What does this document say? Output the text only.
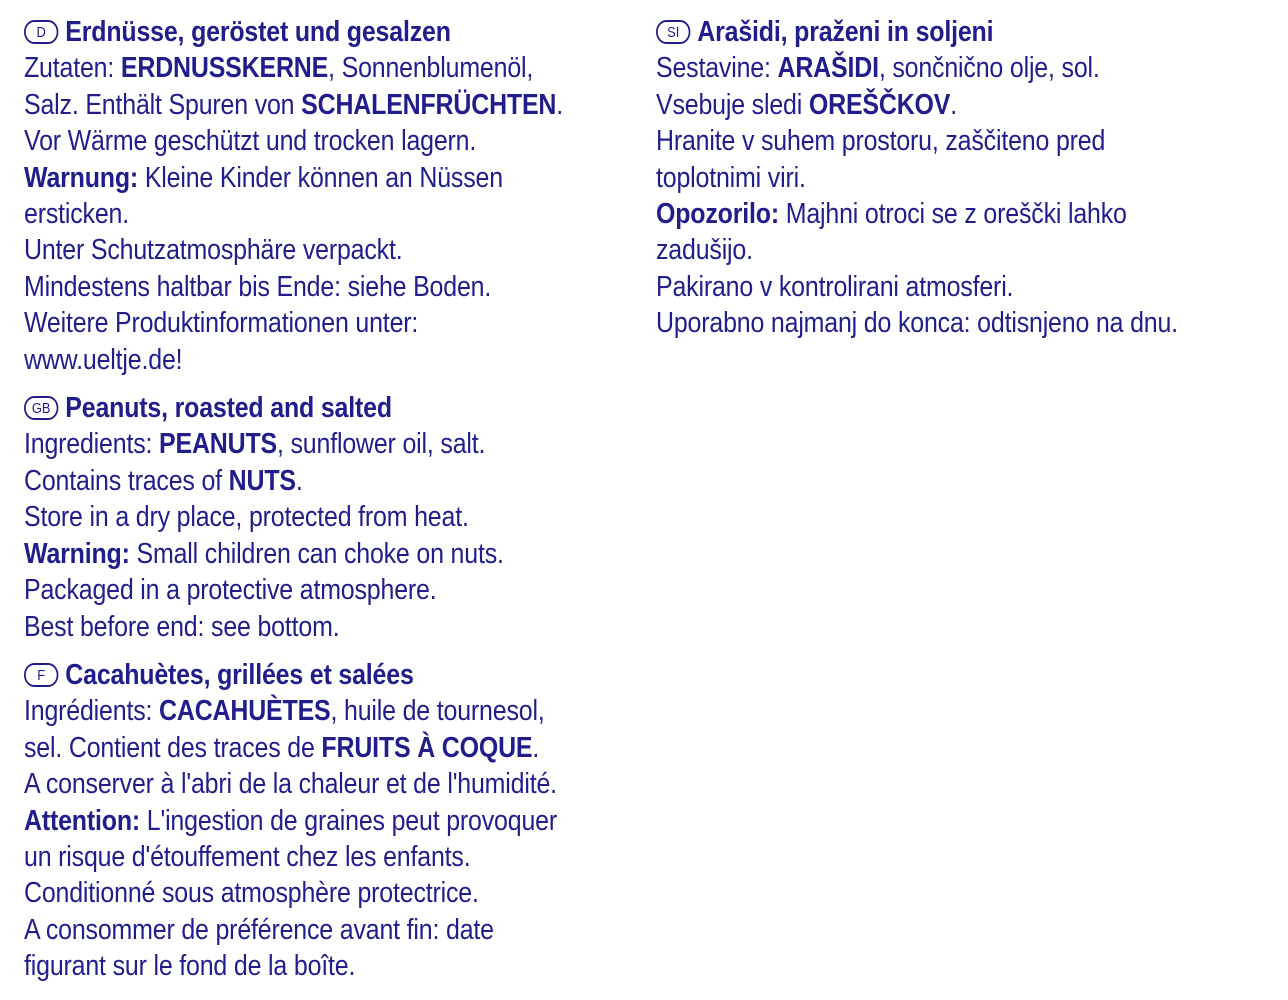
D Erdnüsse, geröstet und gesalzen
Zutaten: ERDNUSSKERNE, Sonnenblumenöl,
Salz. Enthält Spuren von SCHALENFRÜCHTEN.
Vor Wärme geschützt und trocken lagern.
Warnung: Kleine Kinder können an Nüssen
ersticken.
Unter Schutzatmosphäre verpackt.
Mindestens haltbar bis Ende: siehe Boden.
Weitere Produktinformationen unter:
www.ueltje.de!
GB Peanuts, roasted and salted
Ingredients: PEANUTS, sunflower oil, salt.
Contains traces of NUTS.
Store in a dry place, protected from heat.
Warning: Small children can choke on nuts.
Packaged in a protective atmosphere.
Best before end: see bottom.
F Cacahuètes, grillées et salées
Ingrédients: CACAHUÈTES, huile de tournesol,
sel. Contient des traces de FRUITS À COQUE.
A conserver à l'abri de la chaleur et de l'humidité.
Attention: L'ingestion de graines peut provoquer
un risque d'étouffement chez les enfants.
Conditionné sous atmosphère protectrice.
A consommer de préférence avant fin: date
figurant sur le fond de la boîte.
SI Arašidi, praženi in soljeni
Sestavine: ARAŠIDI, sončnično olje, sol.
Vsebuje sledi OREŠČKOV.
Hranite v suhem prostoru, zaščiteno pred
toplotnimi viri.
Opozorilo: Majhni otroci se z oreščki lahko
zadušijo.
Pakirano v kontrolirani atmosferi.
Uporabno najmanj do konca: odtisnjeno na dnu.
